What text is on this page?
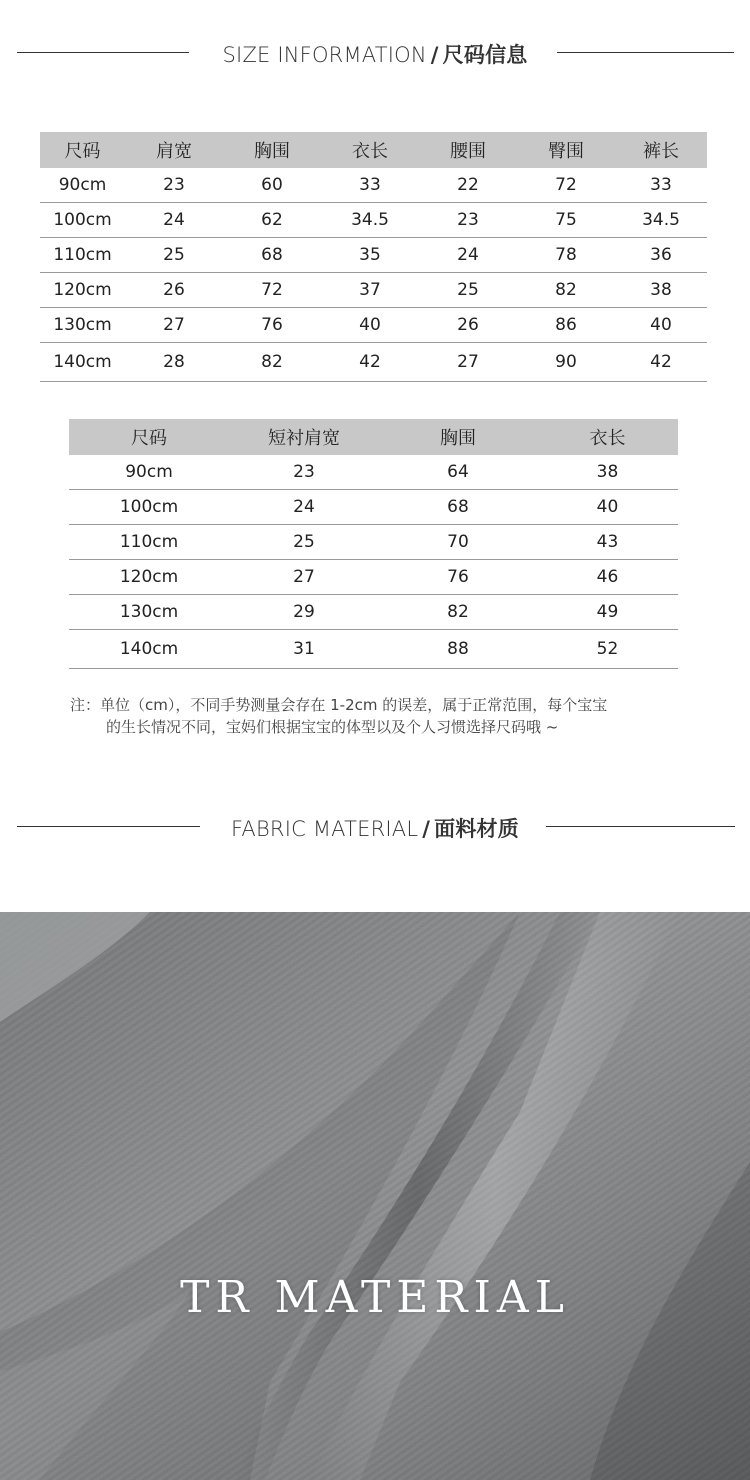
SIZE INFORMATION / 尺码信息
尺码	肩宽	胸围	衣长	腰围	臀围	裤长
90cm	23	60	33	22	72	33
100cm	24	62	34.5	23	75	34.5
110cm	25	68	35	24	78	36
120cm	26	72	37	25	82	38
130cm	27	76	40	26	86	40
140cm	28	82	42	27	90	42
尺码	短衬肩宽	胸围	衣长
90cm	23	64	38
100cm	24	68	40
110cm	25	70	43
120cm	27	76	46
130cm	29	82	49
140cm	31	88	52
注：单位（cm），不同手势测量会存在 1-2cm 的误差，属于正常范围，每个宝宝
的生长情况不同，宝妈们根据宝宝的体型以及个人习惯选择尺码哦 ~
FABRIC MATERIAL / 面料材质
TR MATERIAL
